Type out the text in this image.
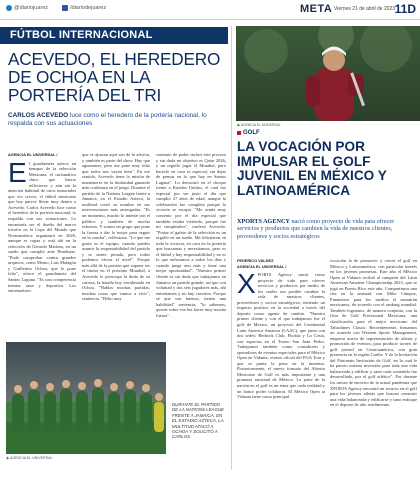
@diariojuarez	/diariodejuarez	META Viernes 21 de abril de 2023 11D
FÚTBOL INTERNACIONAL
ACEVEDO, EL HEREDERO DE OCHOA EN LA PORTERÍA DEL TRI
CARLOS ACEVEDO luce como el heredero de la portería nacional, lo respalda con sus actuaciones
AGENCIA EL UNIVERSAL /
E l guardameta azteca en tiempos de la selección Mexicana, el carismático chico que barrio reflectores y aún sin la atención habitual de otros inmortales que vio crecer, el fútbol mexicano que hoy parece llevar muy dentro a Acevedo. Carlos Acevedo luce como el heredero de la portería nacional, lo respalda con sus actuaciones. Le encantaría ser el dueño del marco tricolor en la Copa del Mundo que Norteamérica organizará en 2026, aunque es capaz y está ahí en la selección de Gerardo Martino, en un sueño que cumplió ante Honduras. "Pude comprobar contra grandes arqueros, como Memo, Luis Malagón y Guillermo Ochoa, que le pone feliz", ofrece el guardameta del Santos Laguna. "Es una competencia interna sana y deportiva. Los entrenadores
que se ajustan aquí son de la afición, y también es parte del show. Hay que aguantarse, pero me pone muy feliz que todos nos vayan bien". En ese sentido, Acevedo tiene la misión de mantenerse en la titularidad ganando más confianza en el juego. Durante el partido de la Nations League frente a Jamaica, en el Estadio Azteca, la multitud coreó su nombre en sus intervenciones más arriesgadas. "Es un momento, mucho lo intenté con el público y también de mucho esfuerzo. Y somos un grupo que pone la fuerza a dar lo mejor para seguir en la cancha", reflexiona. "Lo que me gusta es el equipo, cuando puedes asumir la responsabilidad del partido y se siente pesada, pero todos podemos elevar el nivel". Porque más allá de la presión que supone ser el titular en el próximo Mundial, a Acevedo le preocupa la duda de su carrera, la batalla hoy encabezada en Ochoa. "Hablas muchas partidas, muchas cosas que vamos a vivir", sentencia. "Debo muy
contento de poder incluir este proceso y sin duda mi objetivo es Qatar 2026, y un orgullo jugar el Mundial, pero hacerlo en casa es especial, sin dejar de pensar en lo que hay en Santos Laguna". Lo demostró en el choque frente a Estados Unidos, el cual fue especial por ser justo el día que cumplió 27 años de edad, aunque la celebración fue completa porque la victoria se escapó. "Me sentía muy contento por el día especial que también estaba viviendo, porque fue mi cumpleaños", confesó Acevedo. "Portar el gafete de la selección es un orgullo en un sueño. Me felicitaron en toda la victoria, en cara en la portería que buscamos y necesitamos, pero es el fútbol y hay responsabilidad y no es lo que enfocamos a todos los días y cuando juega uno más y tiene una mejor oportunidad". "Nuestro primer cliente es sin duda que trabajamos en Jamaica un partido grande, así que con voluntad y dos seis jugadores más, ahí entrenamos y no hay cuestión. Porque sé que son buenos, tienen una habilidad" sentencia, "lo sabemos, quizás sobre esa luz hacer muy mucha fuerza".
◉ AGENCIA EL UNIVERSAL
DURANTE EL PARTIDO DE LA NATIONS LEAGUE FRENTE A JAMAICA, EN EL ESTADIO AZTECA, LA MULTITUD ATACÓ A OCHOA Y SOLICITÓ A CARLOS
◉ AGENCIA EL UNIVERSAL
GOLF
LA VOCACIÓN POR IMPULSAR EL GOLF JUVENIL EN MÉXICO Y LATINOAMÉRICA
XPORTS AGENCY nació como proyecto de vida para ofrecer servicios y productos que cambien la vida de nuestros clientes, proveedores y socios estratégicos
FEDERICO VALDEZ
AGENCIA EL UNIVERSAL /
X PORTS Agency nació como proyecto de vida para ofrecer servicios y productos por medio de los cuales sea posible cambiar la vida de nuestros clientes, proveedores y socios estratégicos; teniendo un impacto positivo en la sociedad a través del deporte como agente de cambio. "Nuestro primer cliente y con el que trabajamos fue el golf de Mexico, un proyecto del Continental Latin America Amateur (LAAC), que junto con dos sedes: Bedrock Club, Florida y La Costa, con espacios en el Teatro San Juan Pedro. Trabajamos también como consultores y operadores de eventos especiales para el México Open en Vidanta, evento oficial del PGA Tour y que se punta la pena en la inmensa. Posteriormente, el nuevo formato del Abierto Mexicano de Golf es más importante y una promesa nacional de México. La parte de la nación en el golf es un tema que cada realidad y un honor poder colaborar. El México Open at Vidanta tiene como principal
vocación la de promover y crecer el golf en México y Latinoamérica, con particular interés en los jóvenes promesas. Este año el México Open at Vidanta recibió al campeón del Latin American Amateur Championship 2023, que se jugó en Puerto Rico este año, Compartimos una cita en la amistad con Mike Cámpoz, Finanziero para los medios el asumirán mexicanos, de acuerdo con el ranking mundial. También logramos, de manera conjunta, con la Gira de Golf Profesional Mexicana, una clasificación para el mejor mexicano del Tabachines Classic. Recientemente, firmamos un acuerdo con Western Sports Management, empresa nueva de representación de atletas y promoción de eventos, para producir torneo de golf juvenil en Centroamérica, con gran presencia en la región Caribe. Y de la Invitación del Patronato Invitación de Golf, en la cual le ha puesto nuestra inversión para toda una vida balanceada y edificar y sano cada sostenido fue desarrollado, por el golf atlético". Por durante los meses de encierro de la actual pandemia que XPORTS Agency encontró un recurso en el golf para los jóvenes atletas que buscan construir una vida balanceada y edificarse y sano enfoque en el deporte de alto rendimiento.
